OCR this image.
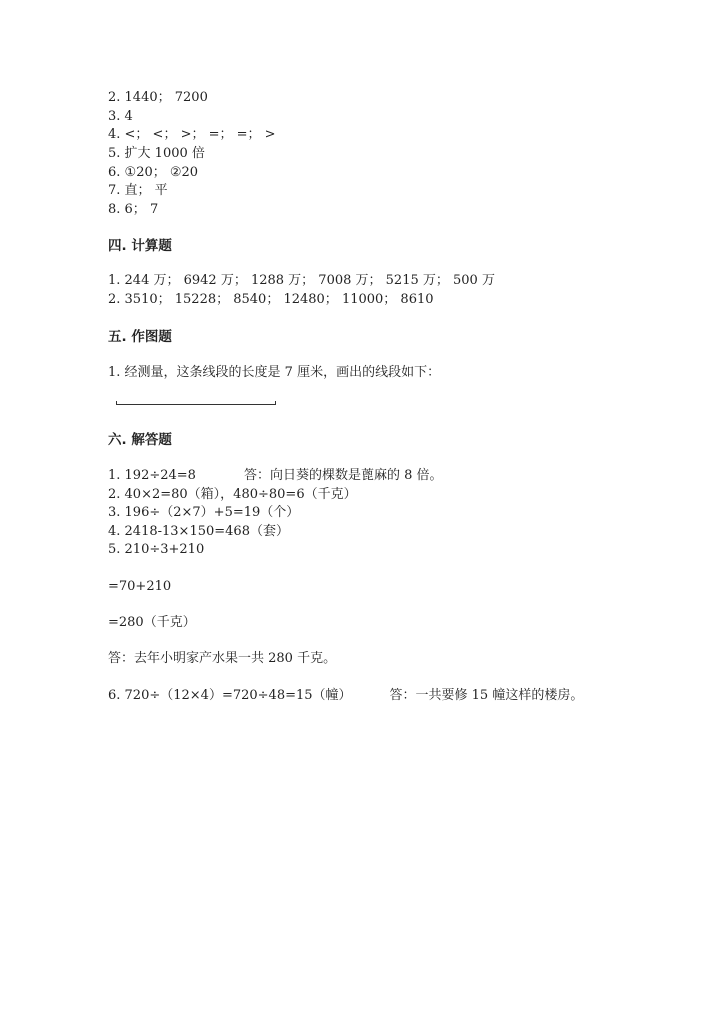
2. 1440； 7200
3. 4
4. <； <； >； =； =； >
5. 扩大 1000 倍
6. ①20； ②20
7. 直； 平
8. 6； 7
四. 计算题
1. 244 万； 6942 万； 1288 万； 7008 万； 5215 万； 500 万
2. 3510； 15228； 8540； 12480； 11000； 8610
五. 作图题
1. 经测量，这条线段的长度是 7 厘米，画出的线段如下：
六. 解答题
1. 192÷24=8	答：向日葵的棵数是蓖麻的 8 倍。
2. 40×2=80（箱），480÷80=6（千克）
3. 196÷（2×7）+5=19（个）
4. 2418-13×150=468（套）
5. 210÷3+210
=70+210
=280（千克）
答：去年小明家产水果一共 280 千克。
6. 720÷（12×4）=720÷48=15（幢）	答：一共要修 15 幢这样的楼房。
